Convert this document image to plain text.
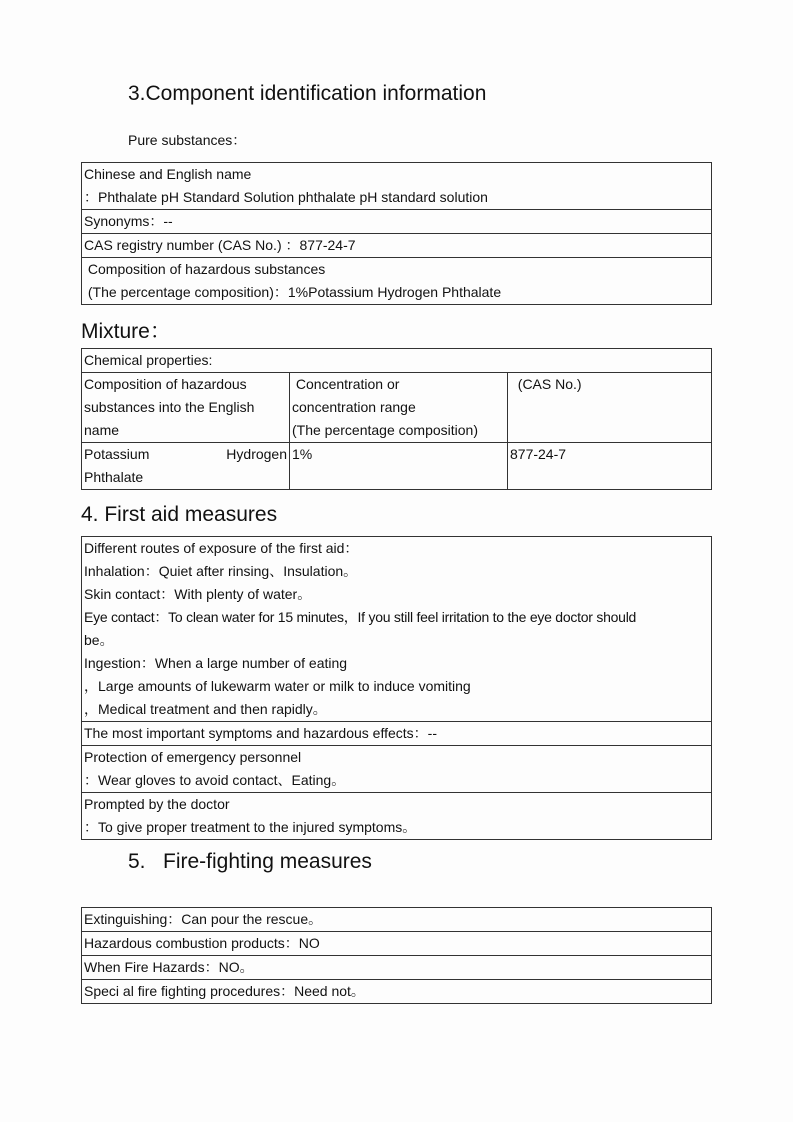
3.Component identification information
Pure substances：
Chinese and English name
：Phthalate pH Standard Solution phthalate pH standard solution

Synonyms：--

CAS registry number (CAS No.) ：877-24-7

Composition of hazardous substances
(The percentage composition)：1%Potassium Hydrogen Phthalate
Mixture：
Chemical properties:		

Composition of hazardous
substances into the English
name	Concentration or
concentration range
(The percentage composition)	(CAS No.)

Potassium Hydrogen
Phthalate	1%	877-24-7
4. First aid measures
Different routes of exposure of the first aid：
Inhalation：Quiet after rinsing、Insulation。
Skin contact：With plenty of water。
Eye contact：To clean water for 15 minutes，If you still feel irritation to the eye doctor should
be。
Ingestion：When a large number of eating
，Large amounts of lukewarm water or milk to induce vomiting
，Medical treatment and then rapidly。

The most important symptoms and hazardous effects：--

Protection of emergency personnel
：Wear gloves to avoid contact、Eating。

Prompted by the doctor
：To give proper treatment to the injured symptoms。
5.   Fire-fighting measures
Extinguishing：Can pour the rescue。
Hazardous combustion products：NO
When Fire Hazards：NO。
Speci al fire fighting procedures：Need not。
